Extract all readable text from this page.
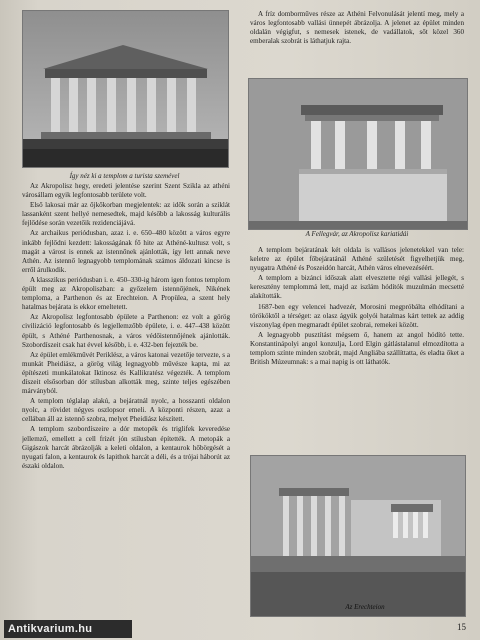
Így néz ki a templom a turista szemével
A Fellegvár, az Akropolisz kariatidái
Az Erechteion

Az Akropolisz hegy, eredeti jelentése szerint Szent Szikla az athéni városállam egyik legfontosabb területe volt.

Első lakosai már az őjkőkorban megjelentek: az idők során a sziklát lassanként szent hellyé nemesedtek, majd később a lakosság kulturális fejlődése során vezetőik rezidenciájává.

Az archaikus periódusban, azaz i. e. 650–480 között a város egyre inkább fejlődni kezdett: lakosságának fő hite az Athéné-kultusz volt, s magát a várost is ennek az istennőnek ajánlották, így lett annak neve Athén. Az istennő legnagyobb templomának számos áldozati kincse is erről árulkodik.

A klasszikus periódusban i. e. 450–330-ig három igen fontos templom épült meg az Akropoliszban: a győzelem istennőjének, Nikének temploma, a Parthenon és az Erechteion. A Propülea, a szent hely hatalmas bejárata is ekkor emeltetett.

Az Akropolisz legfontosabb épülete a Parthenon: ez volt a görög civilizáció legfontosabb és legjellemzőbb épülete, i. e. 447–438 között épült, s Athéné Parthenosnak, a város védőistennőjének ajánlották. Szobordíszeit csak hat évvel később, i. e. 432-ben fejezték be.

Az épület emlékművét Periklész, a város katonai vezetője tervezte, s a munkát Pheidiász, a görög világ legnagyobb művésze kapta, mi az építészeti munkálatokat Iktinosz és Kallikratész végezték. A templom díszeit elsősorban dór stílusban alkották meg, szinte teljes egészében márványból.

A templom téglalap alakú, a bejáratnál nyolc, a hosszanti oldalon nyolc, a rövidet négyes oszlopsor emeli. A központi részen, azaz a cellában áll az istennő szobra, melyet Pheidiász készített.

A templom szobordíszeire a dór metopék és triglifek keveredése jellemző, emellett a cell frízét jón stílusban építették. A metopák a Gigászok harcát ábrázolják a keleti oldalon, a kentaurok hőbörgését a nyugati falon, a kentaurok és lapithok harcát a déli, és a trójai háborút az északi oldalon.

A fríz domborműves része az Athéni Felvonulását jelentí meg, mely a város legfontosabb vallási ünnepét ábrázolja. A jelenet az épület minden oldalán végigfut, s nemesek istenek, de vadállatok, sőt közel 360 emberalak szobrát is láthatjuk rajta.

A templom bejáratának két oldala is vallásos jelenetekkel van tele: keletre az épület főbejáratánál Athéné születését figyelhetjük meg, nyugatra Athéné és Poszeidón harcát, Athén város elnevezéséért.

A templom a bizánci időszak alatt elvesztette régi vallási jellegét, s keresztény templommá lett, majd az iszlám hódítók muzulmán mecsetté alakították.

1687-ben egy velencei hadvezér, Morosini megpróbálta elhódítani a törököktől a térséget: az olasz ágyúk golyói hatalmas kárt tettek az addig viszonylag épen megmaradt épület szobrai, remekei között.

A legnagyobb pusztítást mégsem ő, hanem az angol hódító tette. Konstantinápolyi angol konzulja, Lord Elgin gátlástalanul elmozdította a templom színte minden szobrát, majd Angliába szállíttatta, és eladta őket a British Múzeumnak: s a mai napig is ott láthatók.

15
Antikvarium.hu
